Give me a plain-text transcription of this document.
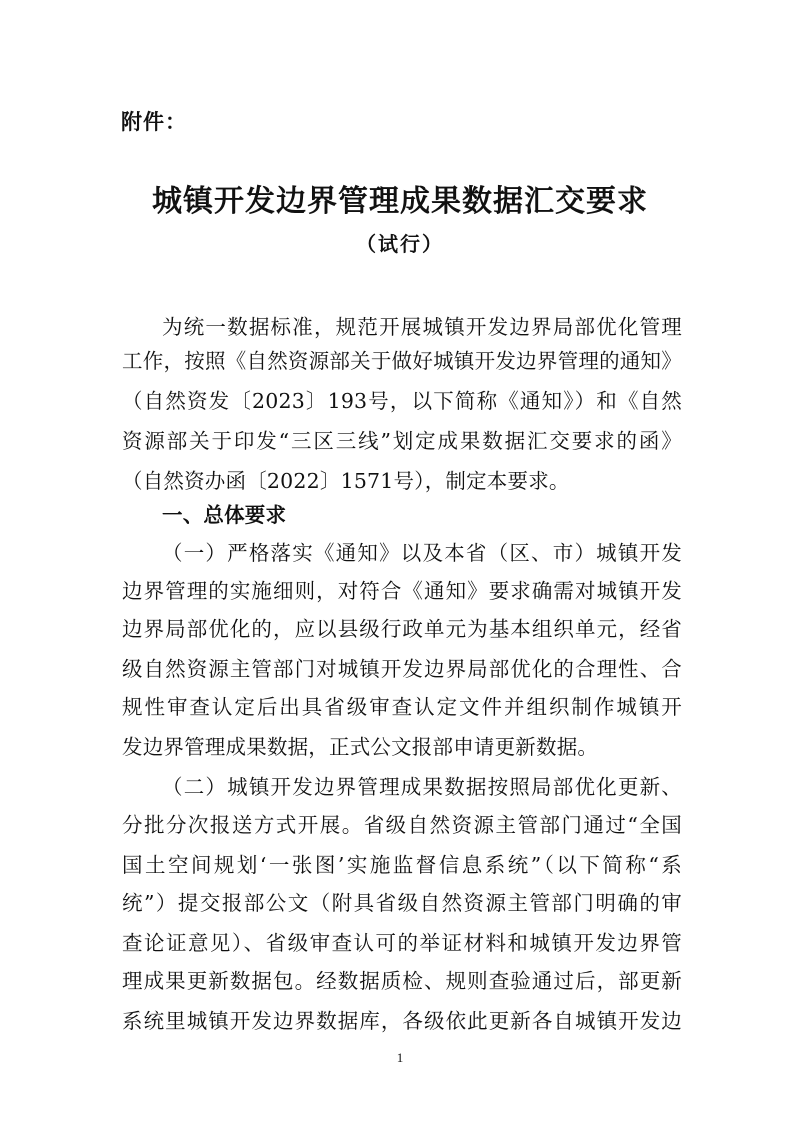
附件：
城镇开发边界管理成果数据汇交要求
（试行）
为统一数据标准，规范开展城镇开发边界局部优化管理
工作，按照《自然资源部关于做好城镇开发边界管理的通知》
（自然资发〔2023〕193号，以下简称《通知》）和《自然
资源部关于印发“三区三线”划定成果数据汇交要求的函》
（自然资办函〔2022〕1571号），制定本要求。
一、总体要求
（一）严格落实《通知》以及本省（区、市）城镇开发
边界管理的实施细则，对符合《通知》要求确需对城镇开发
边界局部优化的，应以县级行政单元为基本组织单元，经省
级自然资源主管部门对城镇开发边界局部优化的合理性、合
规性审查认定后出具省级审查认定文件并组织制作城镇开
发边界管理成果数据，正式公文报部申请更新数据。
（二）城镇开发边界管理成果数据按照局部优化更新、
分批分次报送方式开展。省级自然资源主管部门通过“全国
国土空间规划‘一张图’实施监督信息系统”（以下简称“系
统”）提交报部公文（附具省级自然资源主管部门明确的审
查论证意见）、省级审查认可的举证材料和城镇开发边界管
理成果更新数据包。经数据质检、规则查验通过后，部更新
系统里城镇开发边界数据库，各级依此更新各自城镇开发边
1
